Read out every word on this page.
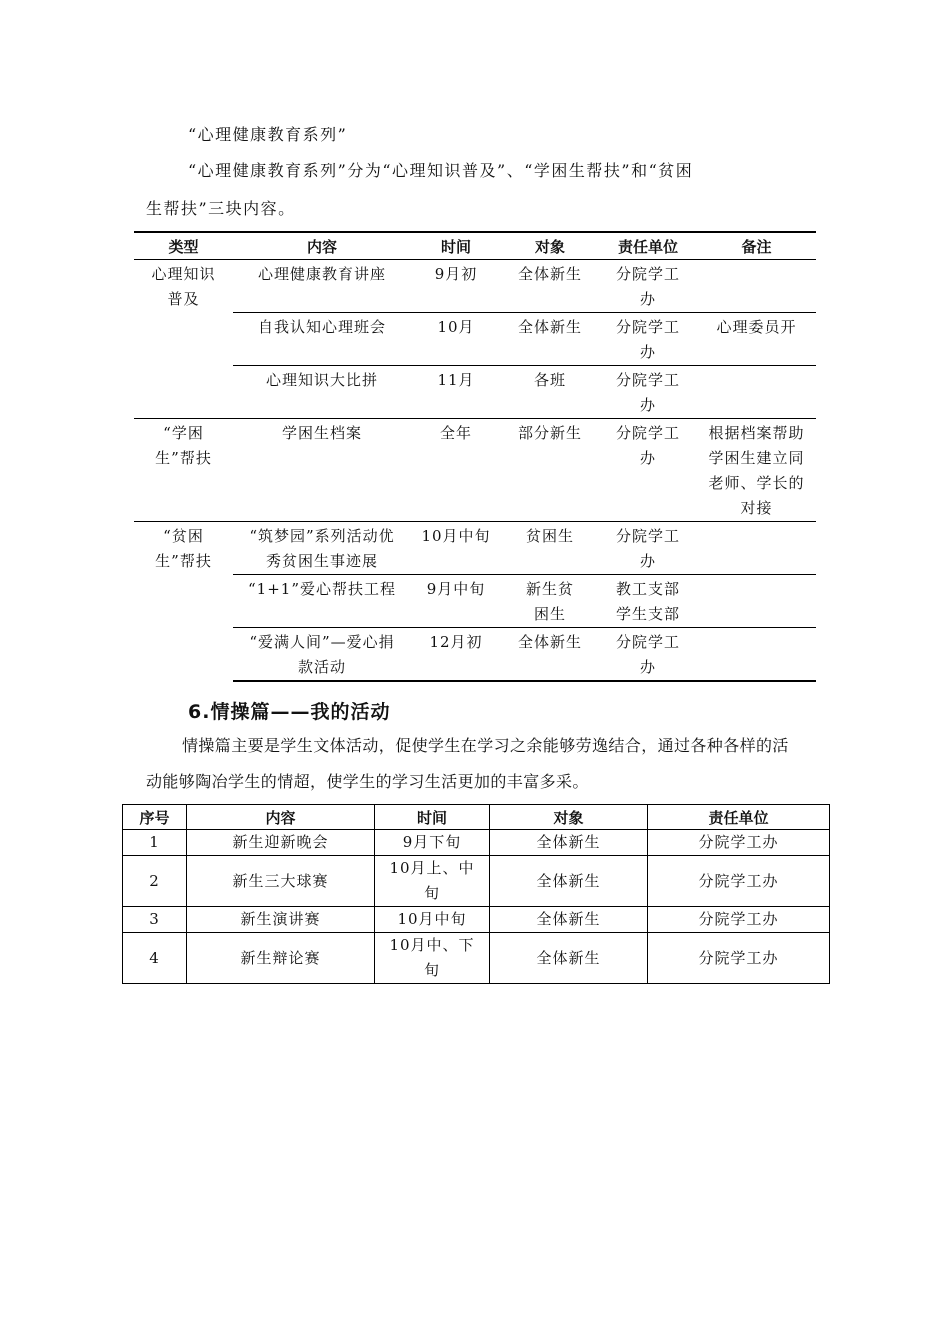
“心理健康教育系列”
“心理健康教育系列”分为“心理知识普及”、“学困生帮扶”和“贫困
生帮扶”三块内容。
类型	内容	时间	对象	责任单位	备注
心理知识普及	心理健康教育讲座	9月初	全体新生	分院学工办	
	自我认知心理班会	10月	全体新生	分院学工办	心理委员开
	心理知识大比拼	11月	各班	分院学工办	
“学困生”帮扶	学困生档案	全年	部分新生	分院学工办	根据档案帮助学困生建立同老师、学长的对接
“贫困生”帮扶	“筑梦园”系列活动优秀贫困生事迹展	10月中旬	贫困生	分院学工办	
	“1+1”爱心帮扶工程	9月中旬	新生贫困生	教工支部学生支部	
	“爱满人间”—爱心捐款活动	12月初	全体新生	分院学工办	
6.情操篇——我的活动
情操篇主要是学生文体活动，促使学生在学习之余能够劳逸结合，通过各种各样的活
动能够陶冶学生的情超，使学生的学习生活更加的丰富多采。
序号	内容	时间	对象	责任单位
1	新生迎新晚会	9月下旬	全体新生	分院学工办
2	新生三大球赛	10月上、中旬	全体新生	分院学工办
3	新生演讲赛	10月中旬	全体新生	分院学工办
4	新生辩论赛	10月中、下旬	全体新生	分院学工办
